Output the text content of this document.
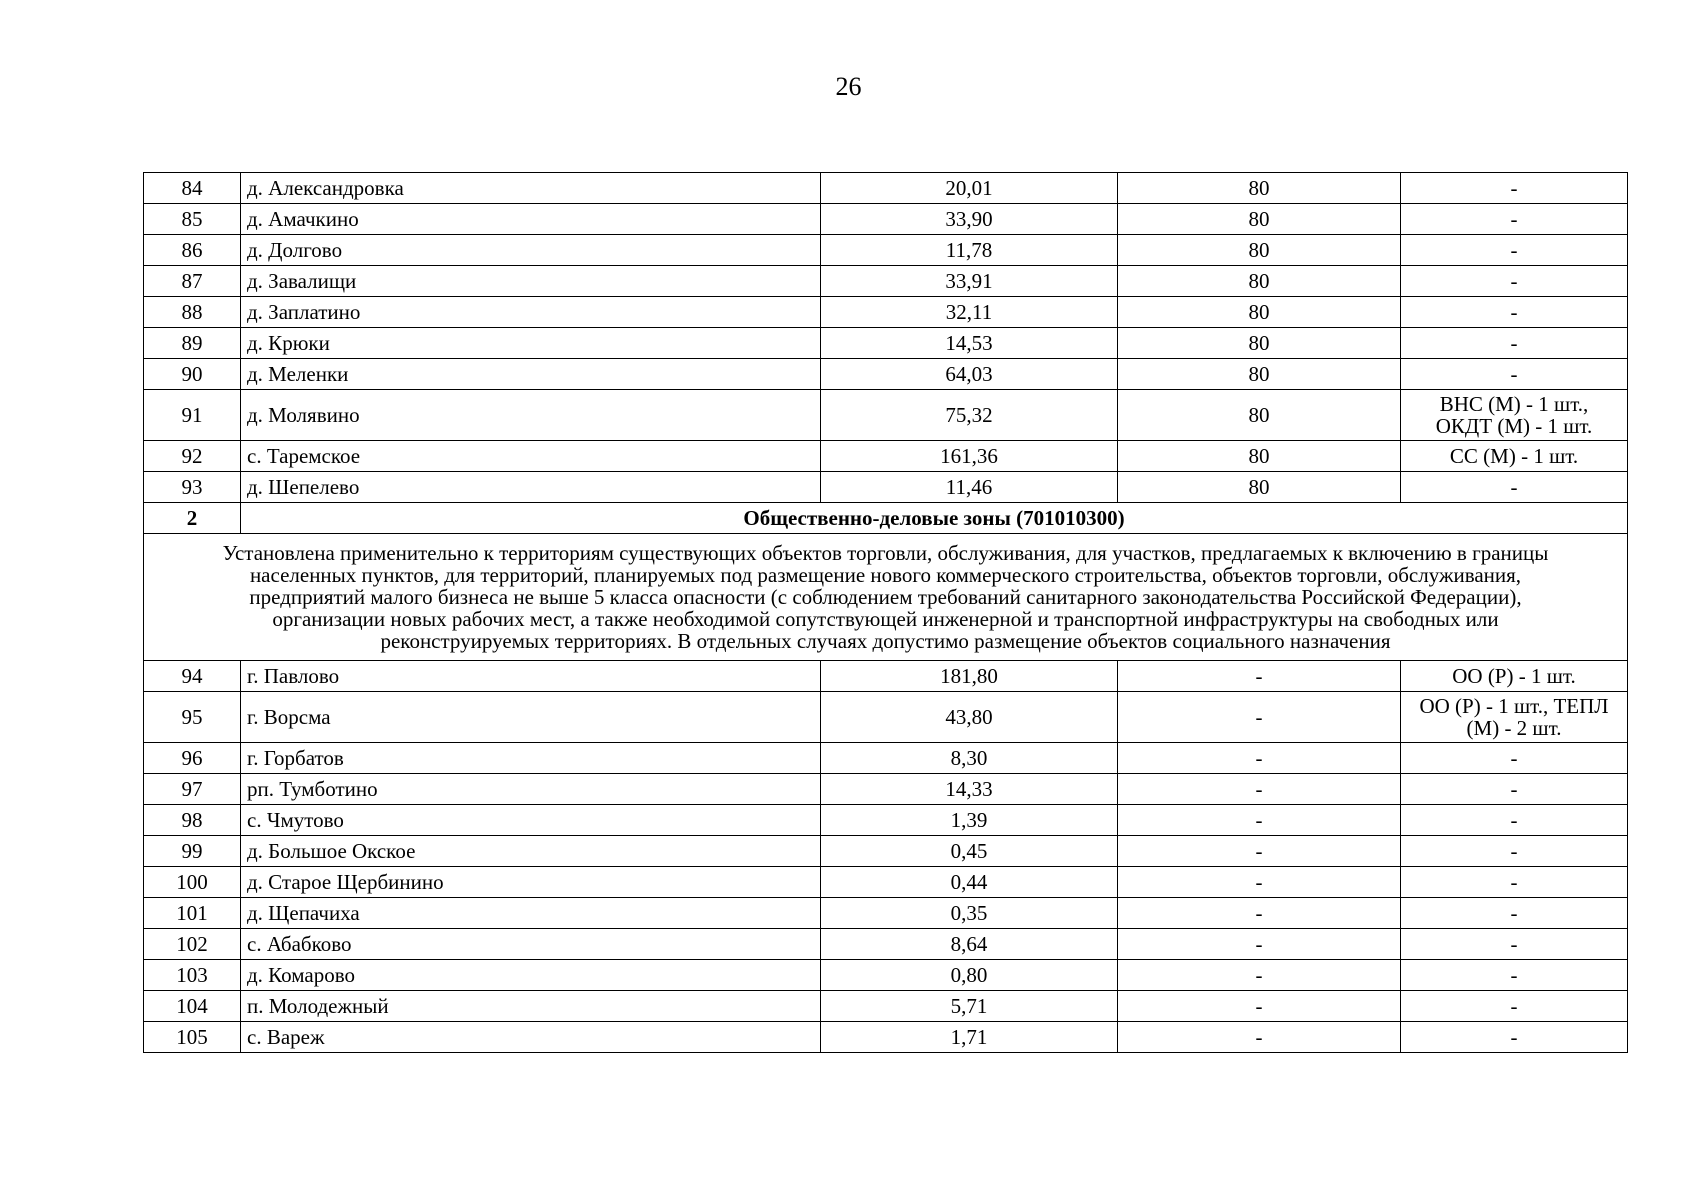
26
84	д. Александровка	20,01	80	-
85	д. Амачкино	33,90	80	-
86	д. Долгово	11,78	80	-
87	д. Завалищи	33,91	80	-
88	д. Заплатино	32,11	80	-
89	д. Крюки	14,53	80	-
90	д. Меленки	64,03	80	-
91	д. Молявино	75,32	80	ВНС (М) - 1 шт.,
ОКДТ (М) - 1 шт.

92	с. Таремское	161,36	80	СС (М) - 1 шт.
93	д. Шепелево	11,46	80	-
2	Общественно-деловые зоны (701010300)			

Установлена применительно к территориям существующих объектов торговли, обслуживания, для участков, предлагаемых к включению в границы
населенных пунктов, для территорий, планируемых под размещение нового коммерческого строительства, объектов торговли, обслуживания,
предприятий малого бизнеса не выше 5 класса опасности (с соблюдением требований санитарного законодательства Российской Федерации),
организации новых рабочих мест, а также необходимой сопутствующей инженерной и транспортной инфраструктуры на свободных или
реконструируемых территориях. В отдельных случаях допустимо размещение объектов социального назначения				

94	г. Павлово	181,80	-	ОО (Р) - 1 шт.
95	г. Ворсма	43,80	-	ОО (Р) - 1 шт., ТЕПЛ
(М) - 2 шт.

96	г. Горбатов	8,30	-	-
97	рп. Тумботино	14,33	-	-
98	с. Чмутово	1,39	-	-
99	д. Большое Окское	0,45	-	-
100	д. Старое Щербинино	0,44	-	-
101	д. Щепачиха	0,35	-	-
102	с. Абабково	8,64	-	-
103	д. Комарово	0,80	-	-
104	п. Молодежный	5,71	-	-
105	с. Вареж	1,71	-	-
